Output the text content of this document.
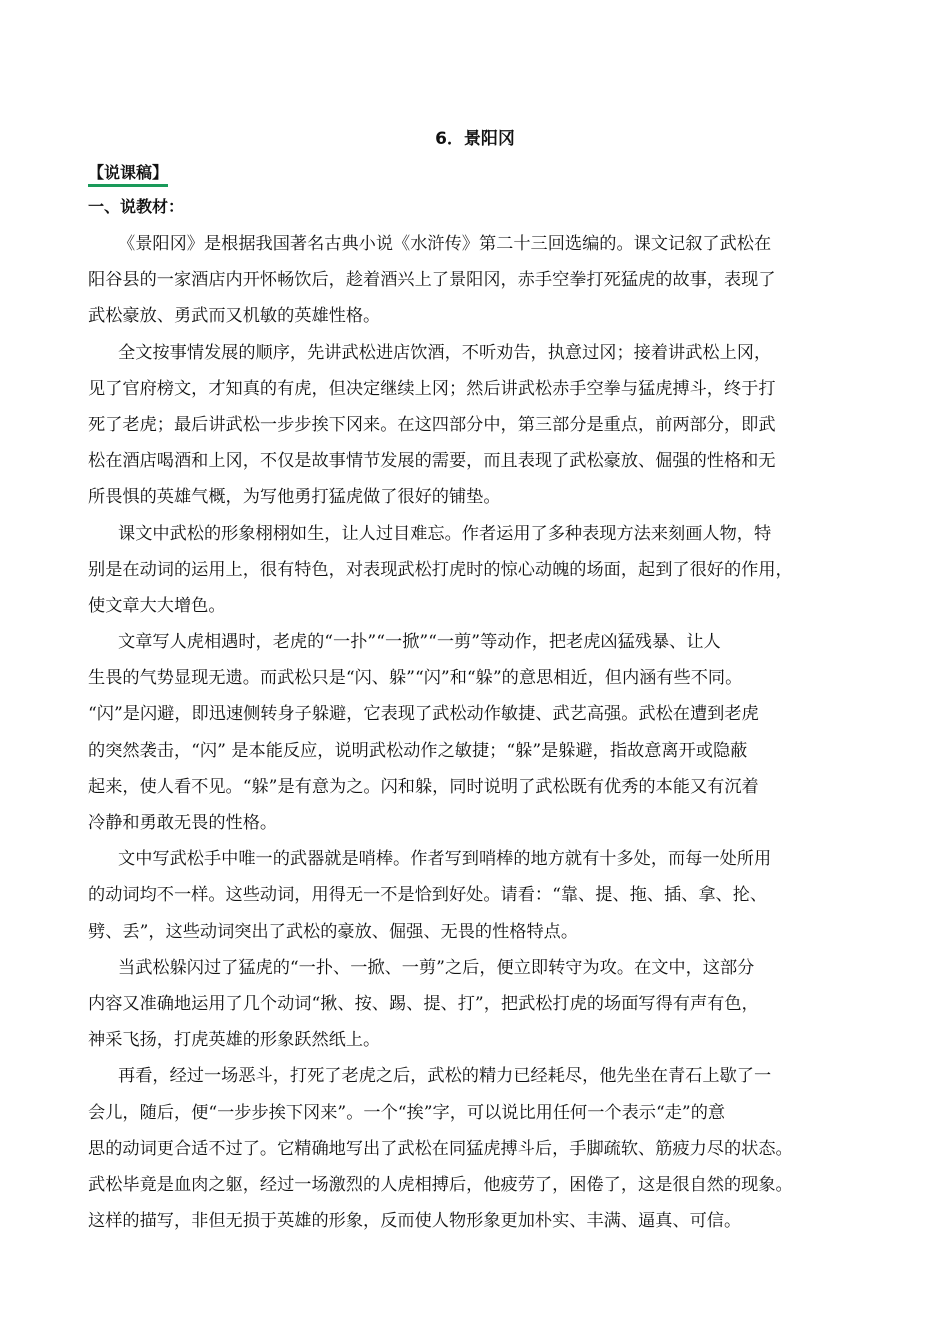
6．景阳冈
【说课稿】
一、说教材：
《景阳冈》是根据我国著名古典小说《水浒传》第二十三回选编的。课文记叙了武松在
阳谷县的一家酒店内开怀畅饮后，趁着酒兴上了景阳冈，赤手空拳打死猛虎的故事，表现了
武松豪放、勇武而又机敏的英雄性格。
全文按事情发展的顺序，先讲武松进店饮酒，不听劝告，执意过冈；接着讲武松上冈，
见了官府榜文，才知真的有虎，但决定继续上冈；然后讲武松赤手空拳与猛虎搏斗，终于打
死了老虎；最后讲武松一步步挨下冈来。在这四部分中，第三部分是重点，前两部分，即武
松在酒店喝酒和上冈，不仅是故事情节发展的需要，而且表现了武松豪放、倔强的性格和无
所畏惧的英雄气概，为写他勇打猛虎做了很好的铺垫。
课文中武松的形象栩栩如生，让人过目难忘。作者运用了多种表现方法来刻画人物，特
别是在动词的运用上，很有特色，对表现武松打虎时的惊心动魄的场面，起到了很好的作用，
使文章大大增色。
文章写人虎相遇时，老虎的“一扑”“一掀”“一剪”等动作，把老虎凶猛残暴、让人
生畏的气势显现无遗。而武松只是“闪、躲”“闪”和“躲”的意思相近，但内涵有些不同。
“闪”是闪避，即迅速侧转身子躲避，它表现了武松动作敏捷、武艺高强。武松在遭到老虎
的突然袭击，“闪” 是本能反应，说明武松动作之敏捷；“躲”是躲避，指故意离开或隐蔽
起来，使人看不见。“躲”是有意为之。闪和躲，同时说明了武松既有优秀的本能又有沉着
冷静和勇敢无畏的性格。
文中写武松手中唯一的武器就是哨棒。作者写到哨棒的地方就有十多处，而每一处所用
的动词均不一样。这些动词，用得无一不是恰到好处。请看：“靠、提、拖、插、拿、抡、
劈、丢”，这些动词突出了武松的豪放、倔强、无畏的性格特点。
当武松躲闪过了猛虎的“一扑、一掀、一剪”之后，便立即转守为攻。在文中，这部分
内容又准确地运用了几个动词“揪、按、踢、提、打”，把武松打虎的场面写得有声有色，
神采飞扬，打虎英雄的形象跃然纸上。
再看，经过一场恶斗，打死了老虎之后，武松的精力已经耗尽，他先坐在青石上歇了一
会儿，随后，便“一步步挨下冈来”。一个“挨”字，可以说比用任何一个表示“走”的意
思的动词更合适不过了。它精确地写出了武松在同猛虎搏斗后，手脚疏软、筋疲力尽的状态。
武松毕竟是血肉之躯，经过一场激烈的人虎相搏后，他疲劳了，困倦了，这是很自然的现象。
这样的描写，非但无损于英雄的形象，反而使人物形象更加朴实、丰满、逼真、可信。
